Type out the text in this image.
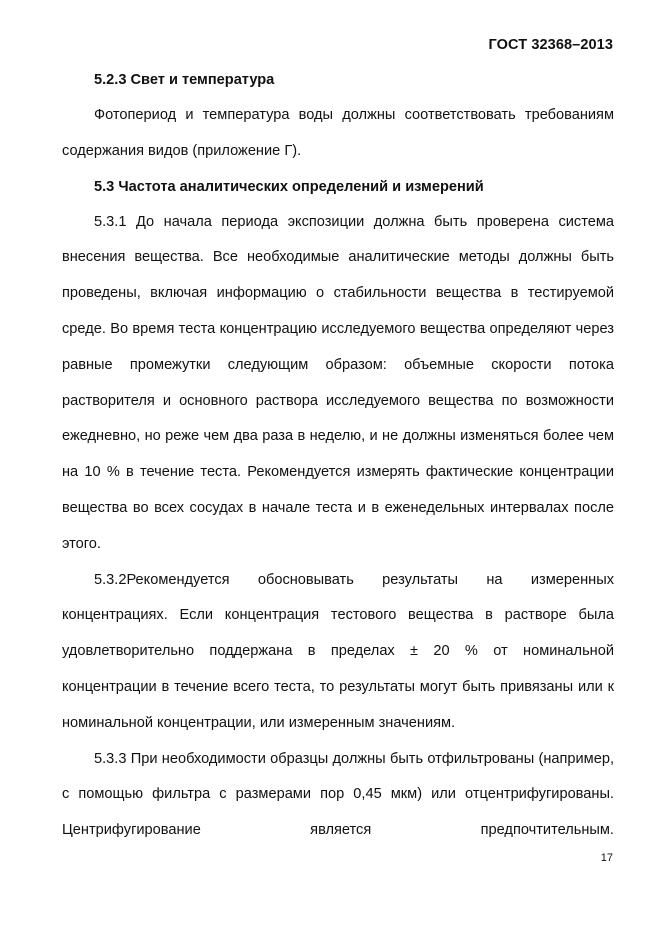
ГОСТ 32368–2013
5.2.3 Свет и температура

Фотопериод и температура воды должны соответствовать требованиям содержания видов (приложение Г).

5.3 Частота аналитических определений и измерений

5.3.1 До начала периода экспозиции должна быть проверена система внесения вещества. Все необходимые аналитические методы должны быть проведены, включая информацию о стабильности вещества в тестируемой среде. Во время теста концентрацию исследуемого вещества определяют через равные промежутки следующим образом: объемные скорости потока растворителя и основного раствора исследуемого вещества по возможности ежедневно, но реже чем два раза в неделю, и не должны изменяться более чем на 10 % в течение теста. Рекомендуется измерять фактические концентрации вещества во всех сосудах в начале теста и в еженедельных интервалах после этого.

5.3.2Рекомендуется обосновывать результаты на измеренных концентрациях. Если концентрация тестового вещества в растворе была удовлетворительно поддержана в пределах ± 20 % от номинальной концентрации в течение всего теста, то результаты могут быть привязаны или к номинальной концентрации, или измеренным значениям.

5.3.3 При необходимости образцы должны быть отфильтрованы (например, с помощью фильтра с размерами пор 0,45 мкм) или отцентрифугированы. Центрифугирование является предпочтительным.

17
